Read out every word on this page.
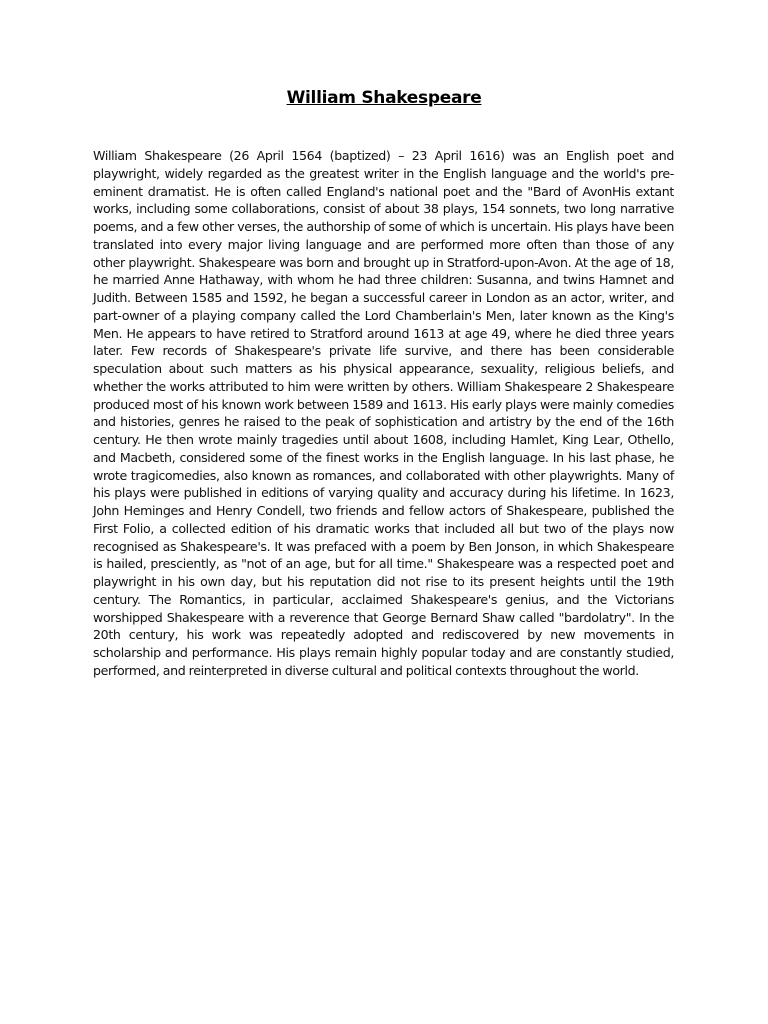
William Shakespeare

William Shakespeare (26 April 1564 (baptized) – 23 April 1616) was an English poet and playwright, widely regarded as the greatest writer in the English language and the world's pre-eminent dramatist. He is often called England's national poet and the "Bard of AvonHis extant works, including some collaborations, consist of about 38 plays, 154 sonnets, two long narrative poems, and a few other verses, the authorship of some of which is uncertain. His plays have been translated into every major living language and are performed more often than those of any other playwright. Shakespeare was born and brought up in Stratford-upon-Avon. At the age of 18, he married Anne Hathaway, with whom he had three children: Susanna, and twins Hamnet and Judith. Between 1585 and 1592, he began a successful career in London as an actor, writer, and part-owner of a playing company called the Lord Chamberlain's Men, later known as the King's Men. He appears to have retired to Stratford around 1613 at age 49, where he died three years later. Few records of Shakespeare's private life survive, and there has been considerable speculation about such matters as his physical appearance, sexuality, religious beliefs, and whether the works attributed to him were written by others. William Shakespeare 2 Shakespeare produced most of his known work between 1589 and 1613. His early plays were mainly comedies and histories, genres he raised to the peak of sophistication and artistry by the end of the 16th century. He then wrote mainly tragedies until about 1608, including Hamlet, King Lear, Othello, and Macbeth, considered some of the finest works in the English language. In his last phase, he wrote tragicomedies, also known as romances, and collaborated with other playwrights. Many of his plays were published in editions of varying quality and accuracy during his lifetime. In 1623, John Heminges and Henry Condell, two friends and fellow actors of Shakespeare, published the First Folio, a collected edition of his dramatic works that included all but two of the plays now recognised as Shakespeare's. It was prefaced with a poem by Ben Jonson, in which Shakespeare is hailed, presciently, as "not of an age, but for all time." Shakespeare was a respected poet and playwright in his own day, but his reputation did not rise to its present heights until the 19th century. The Romantics, in particular, acclaimed Shakespeare's genius, and the Victorians worshipped Shakespeare with a reverence that George Bernard Shaw called "bardolatry". In the 20th century, his work was repeatedly adopted and rediscovered by new movements in scholarship and performance. His plays remain highly popular today and are constantly studied, performed, and reinterpreted in diverse cultural and political contexts throughout the world.
